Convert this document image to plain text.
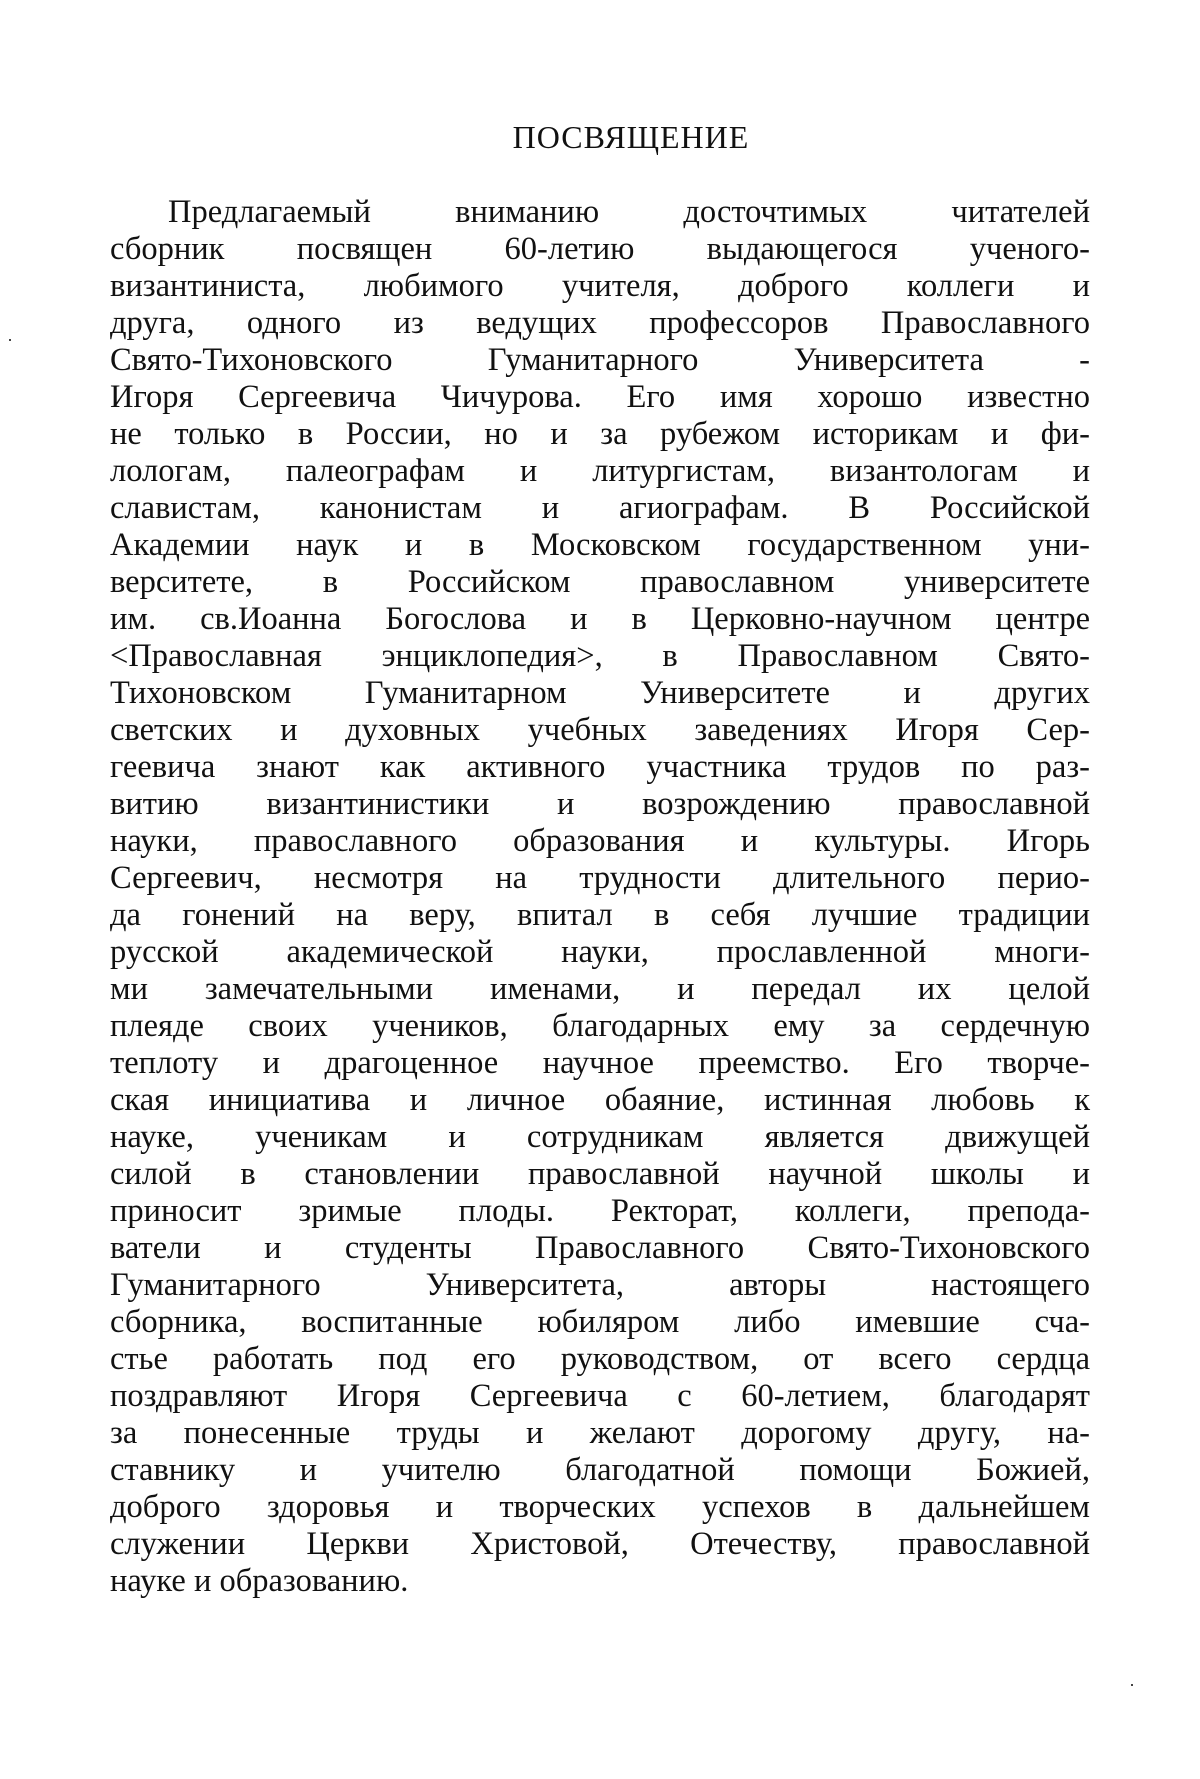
ПОСВЯЩЕНИЕ
Предлагаемый вниманию досточтимых читателей
сборник посвящен 60-летию выдающегося ученого-
византиниста, любимого учителя, доброго коллеги и
друга, одного из ведущих профессоров Православного
Свято-Тихоновского Гуманитарного Университета -
Игоря Сергеевича Чичурова. Его имя хорошо известно
не только в России, но и за рубежом историкам и фи-
лологам, палеографам и литургистам, византологам и
славистам, канонистам и агиографам. В Российской
Академии наук и в Московском государственном уни-
верситете, в Российском православном университете
им. св.Иоанна Богослова и в Церковно-научном центре
<Православная энциклопедия>, в Православном Свято-
Тихоновском Гуманитарном Университете и других
светских и духовных учебных заведениях Игоря Сер-
геевича знают как активного участника трудов по раз-
витию византинистики и возрождению православной
науки, православного образования и культуры. Игорь
Сергеевич, несмотря на трудности длительного перио-
да гонений на веру, впитал в себя лучшие традиции
русской академической науки, прославленной многи-
ми замечательными именами, и передал их целой
плеяде своих учеников, благодарных ему за сердечную
теплоту и драгоценное научное преемство. Его творче-
ская инициатива и личное обаяние, истинная любовь к
науке, ученикам и сотрудникам является движущей
силой в становлении православной научной школы и
приносит зримые плоды. Ректорат, коллеги, препода-
ватели и студенты Православного Свято-Тихоновского
Гуманитарного Университета, авторы настоящего
сборника, воспитанные юбиляром либо имевшие сча-
стье работать под его руководством, от всего сердца
поздравляют Игоря Сергеевича с 60-летием, благодарят
за понесенные труды и желают дорогому другу, на-
ставнику и учителю благодатной помощи Божией,
доброго здоровья и творческих успехов в дальнейшем
служении Церкви Христовой, Отечеству, православной
науке и образованию.
